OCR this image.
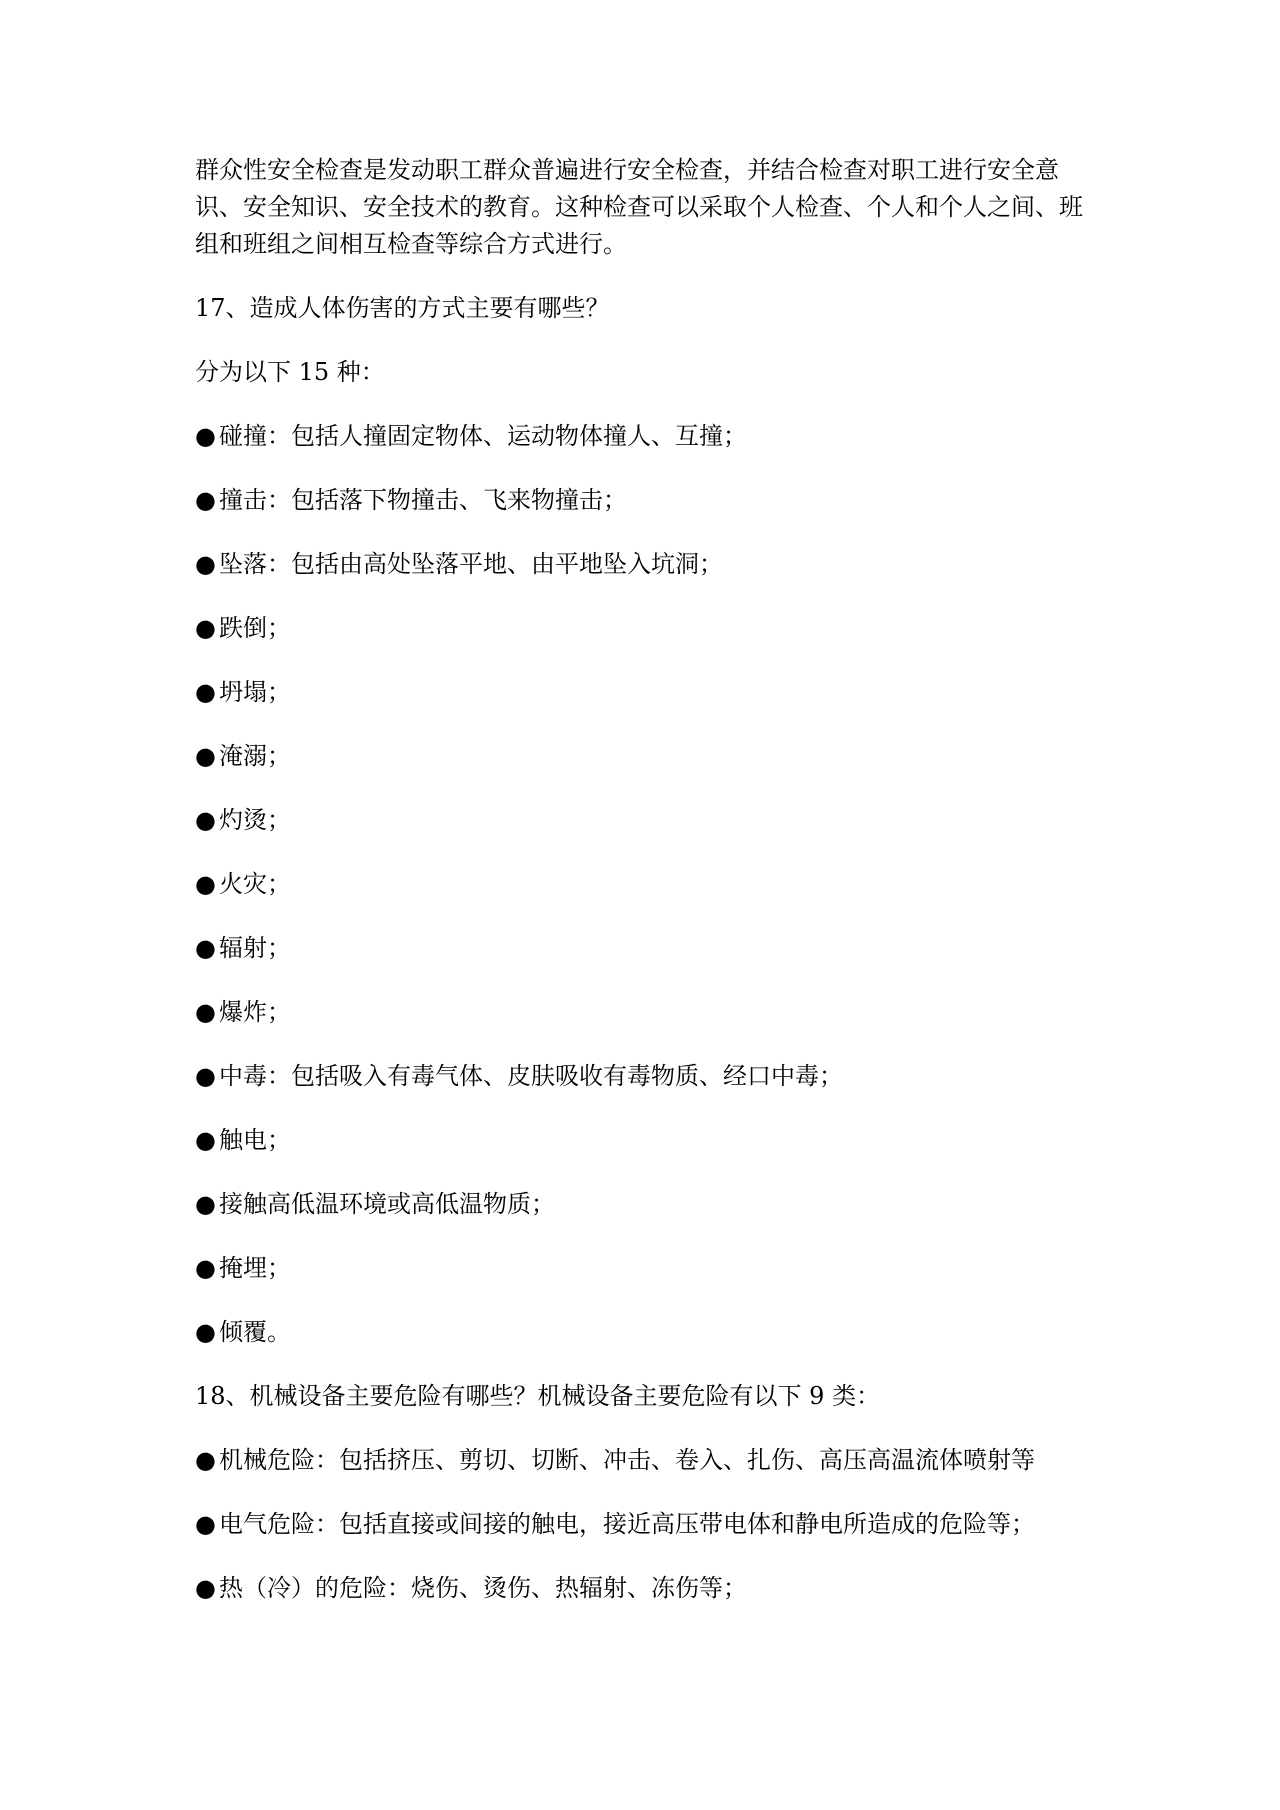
群众性安全检查是发动职工群众普遍进行安全检查，并结合检查对职工进行安全意识、安全知识、安全技术的教育。这种检查可以采取个人检查、个人和个人之间、班组和班组之间相互检查等综合方式进行。

17、造成人体伤害的方式主要有哪些？
分为以下 15 种：
● 碰撞：包括人撞固定物体、运动物体撞人、互撞；
● 撞击：包括落下物撞击、飞来物撞击；
● 坠落：包括由高处坠落平地、由平地坠入坑洞；
● 跌倒；
● 坍塌；
● 淹溺；
● 灼烫；
● 火灾；
● 辐射；
● 爆炸；
● 中毒：包括吸入有毒气体、皮肤吸收有毒物质、经口中毒；
● 触电；
● 接触高低温环境或高低温物质；
● 掩埋；
● 倾覆。
18、机械设备主要危险有哪些？机械设备主要危险有以下 9 类：
● 机械危险：包括挤压、剪切、切断、冲击、卷入、扎伤、高压高温流体喷射等
● 电气危险：包括直接或间接的触电，接近高压带电体和静电所造成的危险等；
● 热（冷）的危险：烧伤、烫伤、热辐射、冻伤等；
